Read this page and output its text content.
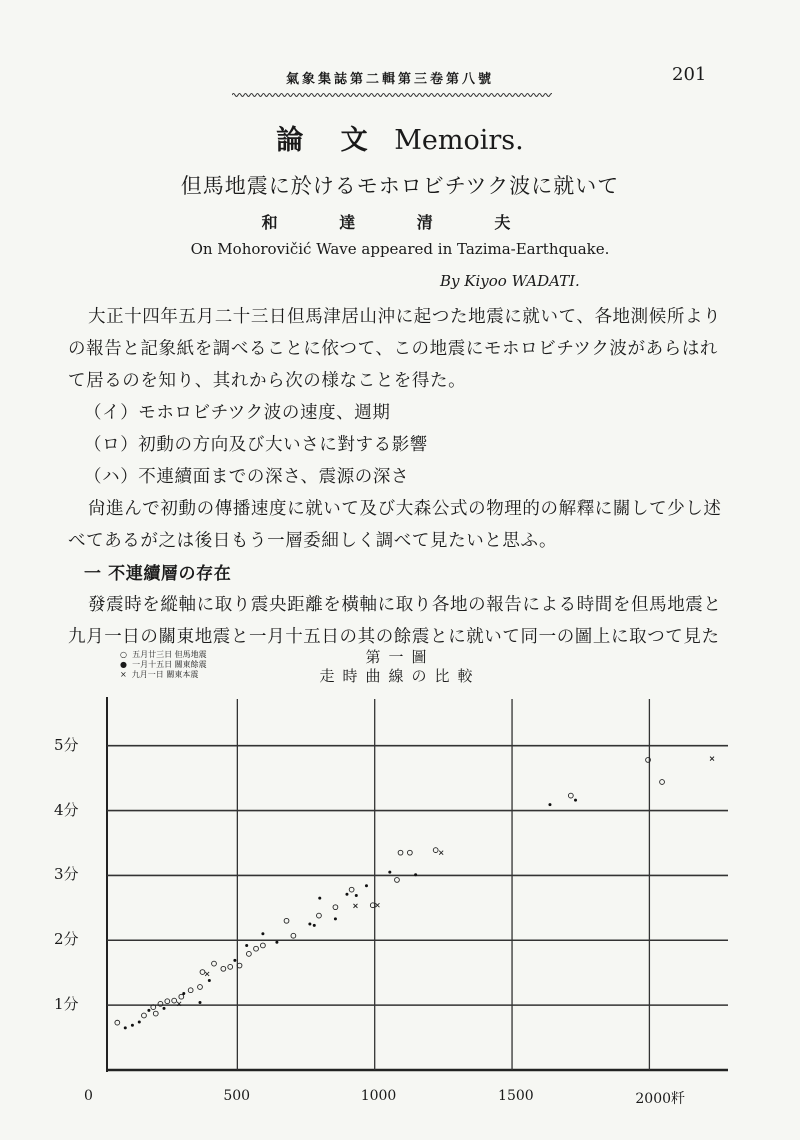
氣象集誌第二輯第三卷第八號	201
論 文 Memoirs.
但馬地震に於けるモホロビチツク波に就いて
和 達 清 夫
On Mohorovičić Wave appeared in Tazima-Earthquake.
By Kiyoo WADATI.
大正十四年五月二十三日但馬津居山沖に起つた地震に就いて、各地測候所より
の報告と記象紙を調べることに依つて、この地震にモホロビチツク波があらはれ
て居るのを知り、其れから次の様なことを得た。
（イ）モホロビチツク波の速度、週期
（ロ）初動の方向及び大いさに對する影響
（ハ）不連續面までの深さ、震源の深さ
尙進んで初動の傳播速度に就いて及び大森公式の物理的の解釋に關して少し述
べてあるが之は後日もう一層委細しく調べて見たいと思ふ。
一 不連續層の存在
發震時を縱軸に取り震央距離を橫軸に取り各地の報告による時間を但馬地震と
九月一日の關東地震と一月十五日の其の餘震とに就いて同一の圖上に取つて見た
○ 五月廿三日 但馬地震
● 一月十五日 關東餘震
× 九月一日 關東本震
第一圖
走時曲線の比較
0	500	1000	1500	2000粁
1分
2分
3分
4分
5分
